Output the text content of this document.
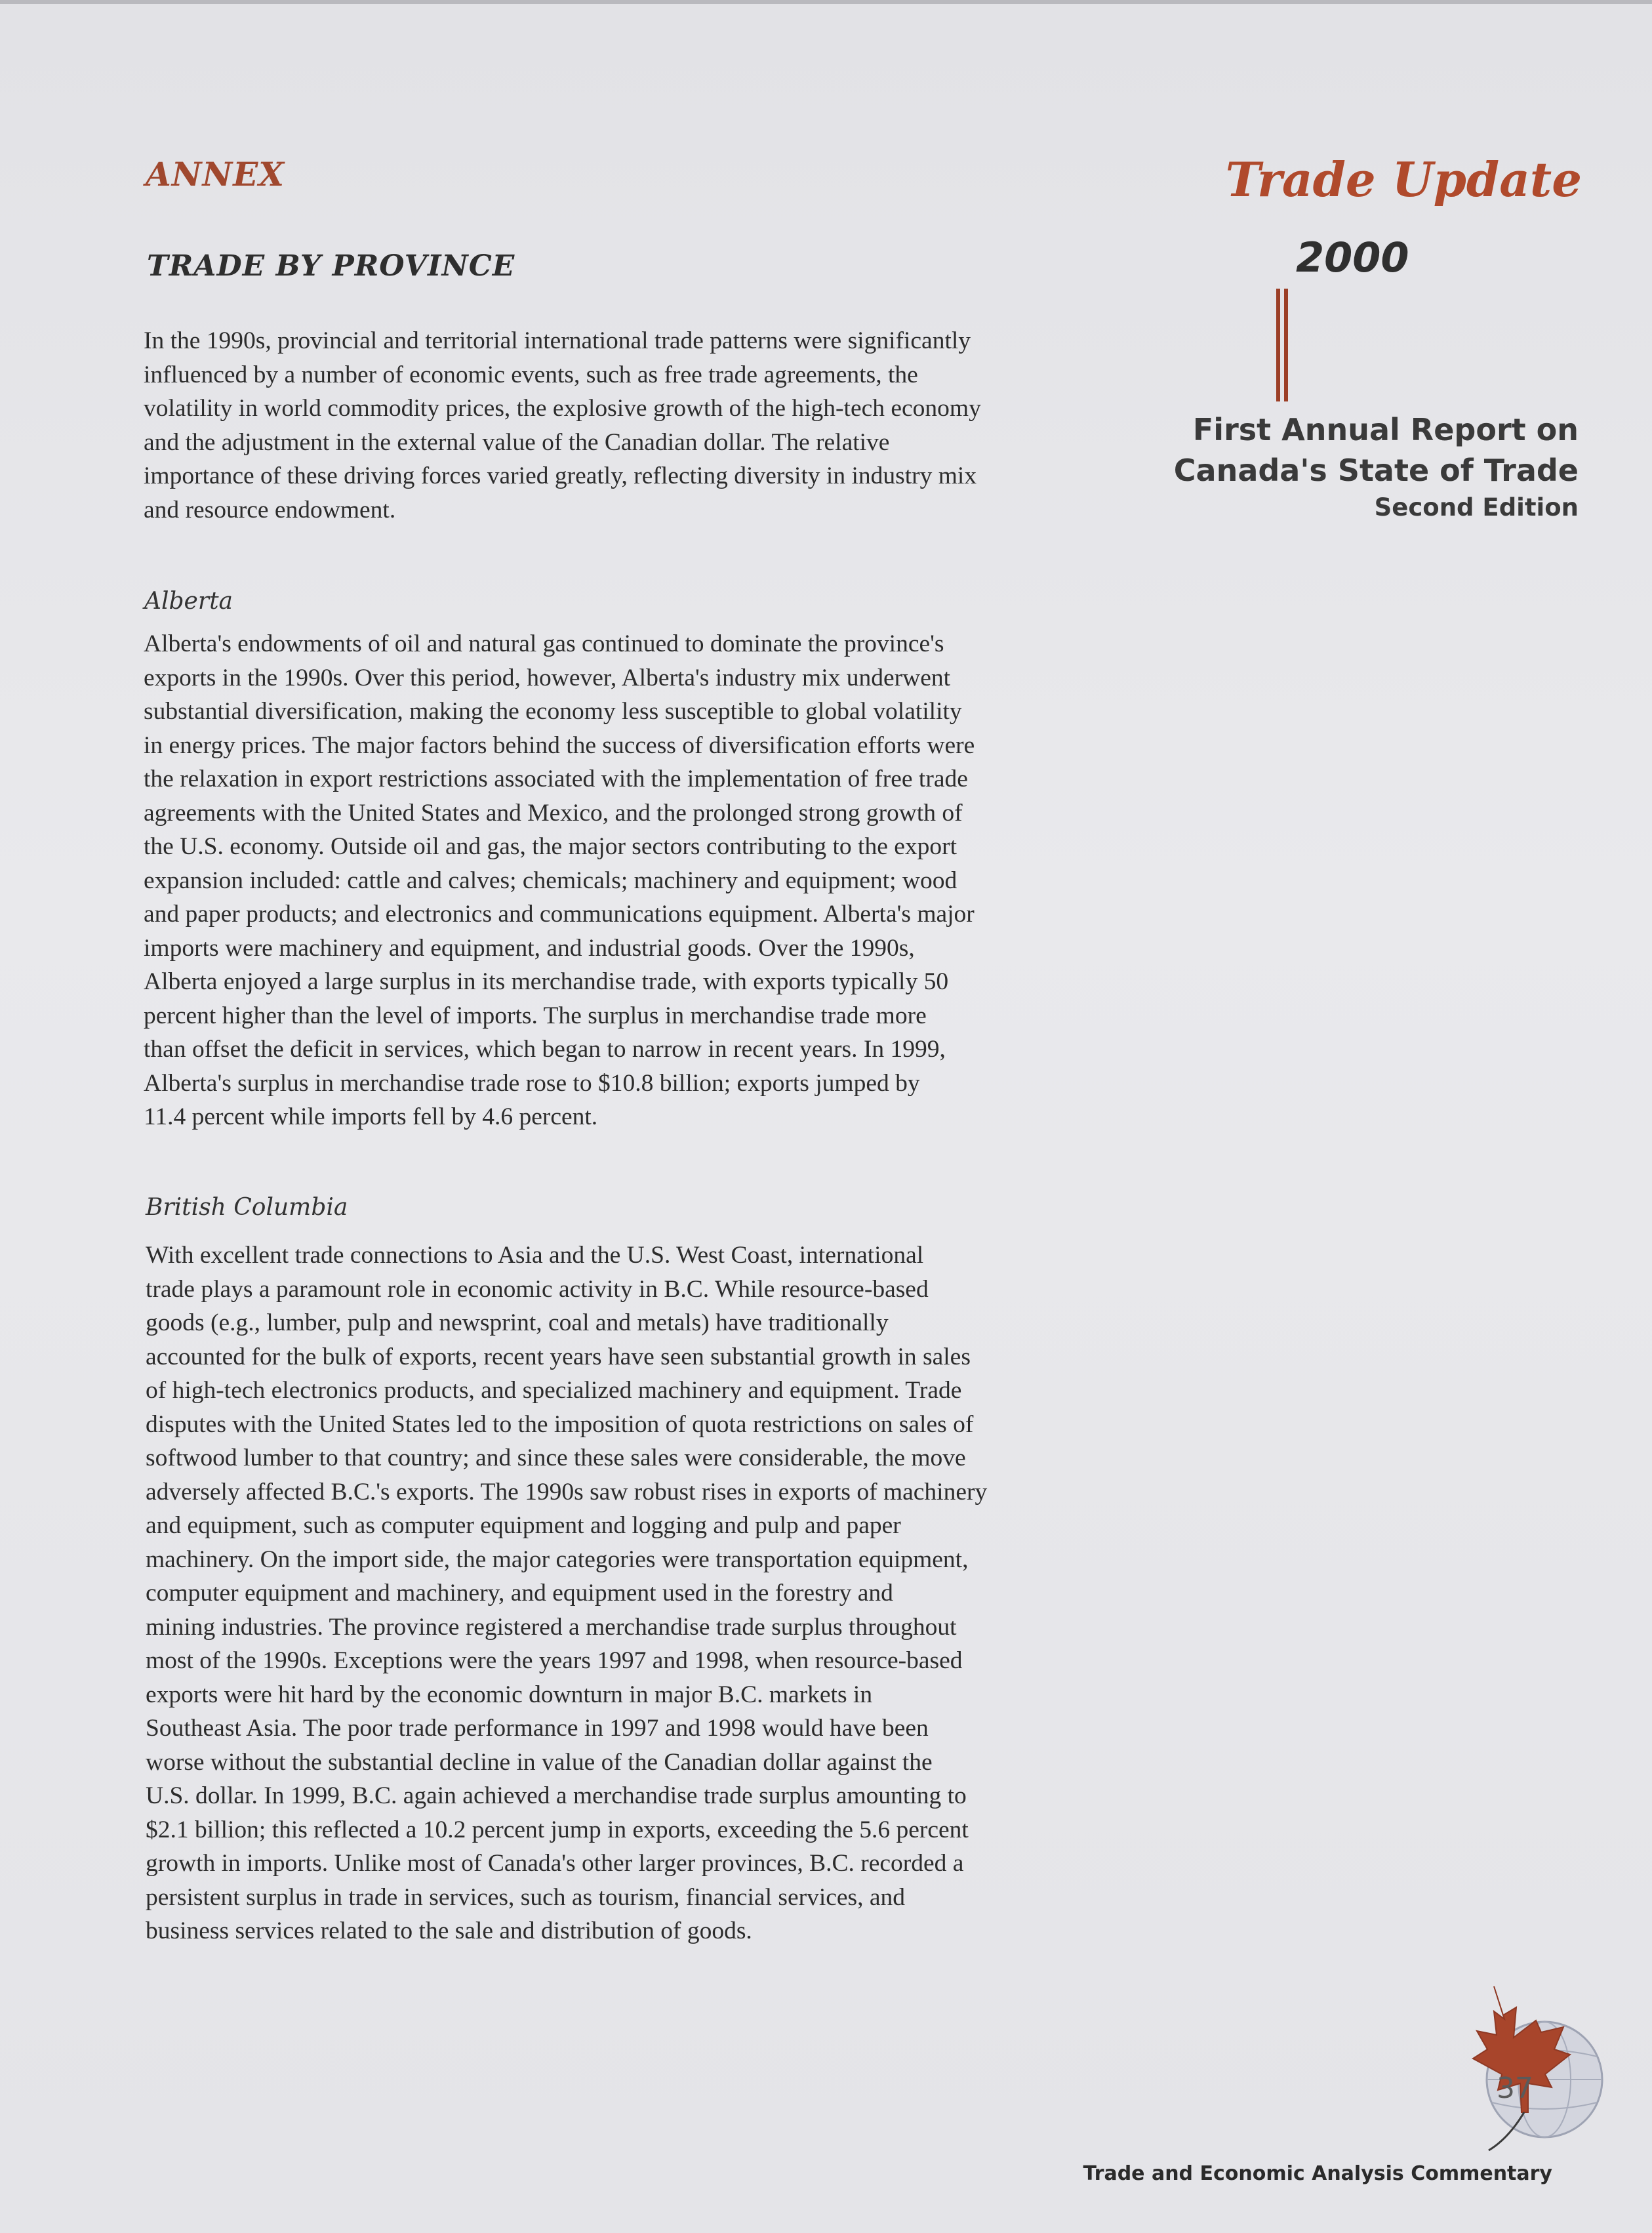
ANNEX
TRADE BY PROVINCE

Trade Update

2000

First Annual Report on

Canada's State of Trade

Second Edition

In the 1990s, provincial and territorial international trade patterns were significantly

influenced by a number of economic events, such as free trade agreements, the

volatility in world commodity prices, the explosive growth of the high-tech economy

and the adjustment in the external value of the Canadian dollar. The relative

importance of these driving forces varied greatly, reflecting diversity in industry mix

and resource endowment.

Alberta

Alberta's endowments of oil and natural gas continued to dominate the province's

exports in the 1990s. Over this period, however, Alberta's industry mix underwent

substantial diversification, making the economy less susceptible to global volatility

in energy prices. The major factors behind the success of diversification efforts were

the relaxation in export restrictions associated with the implementation of free trade

agreements with the United States and Mexico, and the prolonged strong growth of

the U.S. economy. Outside oil and gas, the major sectors contributing to the export

expansion included: cattle and calves; chemicals; machinery and equipment; wood

and paper products; and electronics and communications equipment. Alberta's major

imports were machinery and equipment, and industrial goods. Over the 1990s,

Alberta enjoyed a large surplus in its merchandise trade, with exports typically 50

percent higher than the level of imports. The surplus in merchandise trade more

than offset the deficit in services, which began to narrow in recent years. In 1999,

Alberta's surplus in merchandise trade rose to $10.8 billion; exports jumped by

11.4 percent while imports fell by 4.6 percent.

British Columbia

With excellent trade connections to Asia and the U.S. West Coast, international

trade plays a paramount role in economic activity in B.C. While resource-based

goods (e.g., lumber, pulp and newsprint, coal and metals) have traditionally

accounted for the bulk of exports, recent years have seen substantial growth in sales

of high-tech electronics products, and specialized machinery and equipment. Trade

disputes with the United States led to the imposition of quota restrictions on sales of

softwood lumber to that country; and since these sales were considerable, the move

adversely affected B.C.'s exports. The 1990s saw robust rises in exports of machinery

and equipment, such as computer equipment and logging and pulp and paper

machinery. On the import side, the major categories were transportation equipment,

computer equipment and machinery, and equipment used in the forestry and

mining industries. The province registered a merchandise trade surplus throughout

most of the 1990s. Exceptions were the years 1997 and 1998, when resource-based

exports were hit hard by the economic downturn in major B.C. markets in

Southeast Asia. The poor trade performance in 1997 and 1998 would have been

worse without the substantial decline in value of the Canadian dollar against the

U.S. dollar. In 1999, B.C. again achieved a merchandise trade surplus amounting to

$2.1 billion; this reflected a 10.2 percent jump in exports, exceeding the 5.6 percent

growth in imports. Unlike most of Canada's other larger provinces, B.C. recorded a

persistent surplus in trade in services, such as tourism, financial services, and

business services related to the sale and distribution of goods.

37

Trade and Economic Analysis Commentary
